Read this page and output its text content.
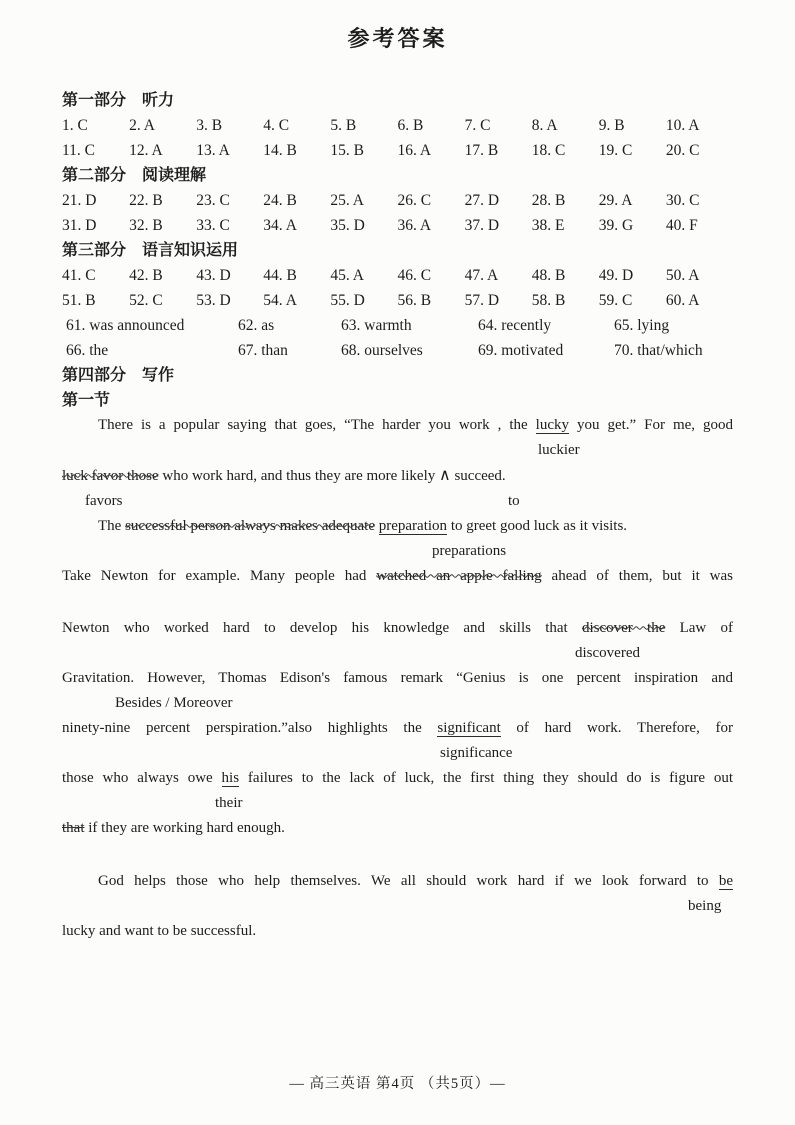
参考答案
第一部分　听力
1. C	2. A	3. B	4. C	5. B	6. B	7. C	8. A	9. B	10. A
11. C	12. A	13. A	14. B	15. B	16. A	17. B	18. C	19. C	20. C
第二部分　阅读理解
21. D	22. B	23. C	24. B	25. A	26. C	27. D	28. B	29. A	30. C
31. D	32. B	33. C	34. A	35. D	36. A	37. D	38. E	39. G	40. F
第三部分　语言知识运用
41. C	42. B	43. D	44. B	45. A	46. C	47. A	48. B	49. D	50. A
51. B	52. C	53. D	54. A	55. D	56. B	57. D	58. B	59. C	60. A
61. was announced	62. as	63. warmth	64. recently	65. lying
66. the	67. than	68. ourselves	69. motivated	70. that/which
第四部分　写作
第一节
There is a popular saying that goes, “The harder you work , the lucky you get.” For me, good
luckier
luck favor those who work hard, and thus they are more likely ∧ succeed.
favors	to
The successful person always makes adequate preparation to greet good luck as it visits.
preparations
Take Newton for example. Many people had watched an apple falling ahead of them, but it was
Newton who worked hard to develop his knowledge and skills that discover the Law of
discovered
Gravitation. However, Thomas Edison's famous remark “Genius is one percent inspiration and
Besides / Moreover
ninety-nine percent perspiration.”also highlights the significant of hard work. Therefore, for
significance
those who always owe his failures to the lack of luck, the first thing they should do is figure out
their
that if they are working hard enough.
God helps those who help themselves. We all should work hard if we look forward to be
being
lucky and want to be successful.
— 高三英语 第4页 （共5页）—
